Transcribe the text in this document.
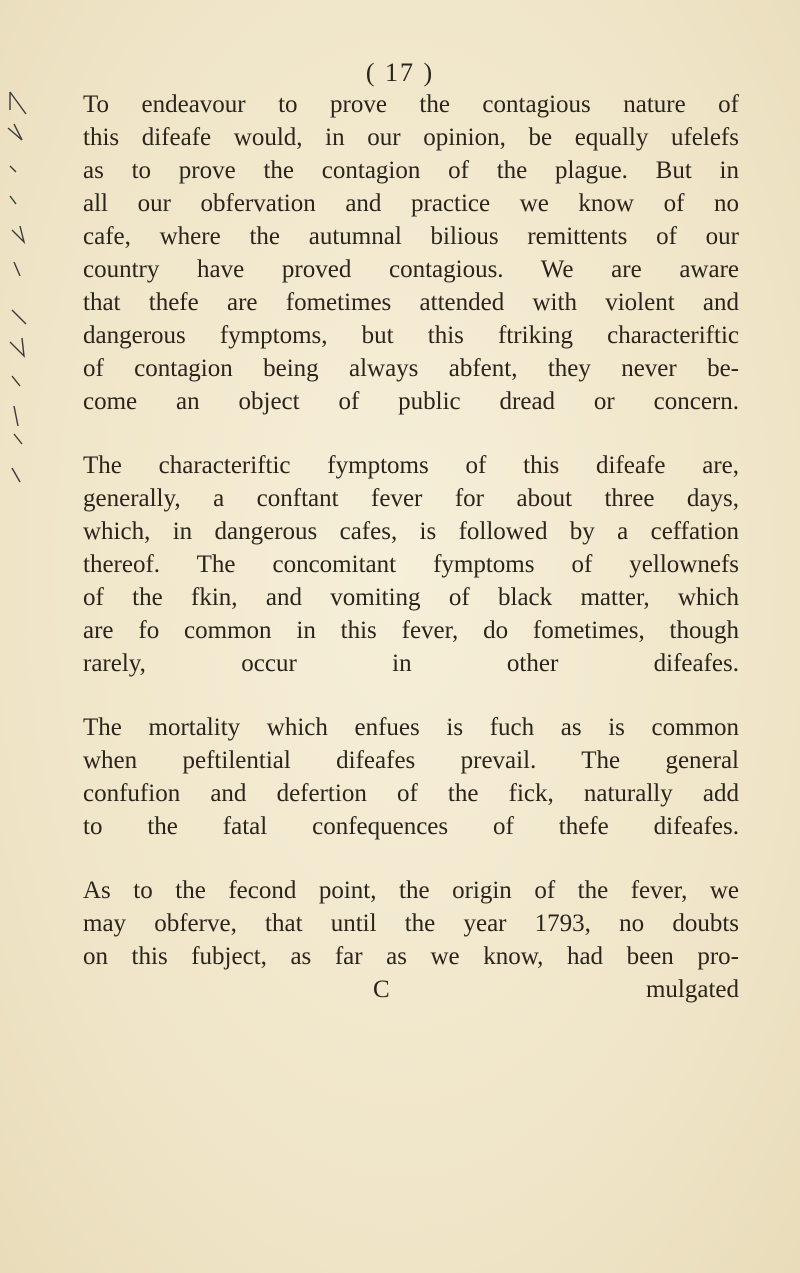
( 17 )

To endeavour to prove the contagious nature of
this difeafe would, in our opinion, be equally ufelefs
as to prove the contagion of the plague. But in
all our obfervation and practice we know of no
cafe, where the autumnal bilious remittents of our
country have proved contagious. We are aware
that thefe are fometimes attended with violent and
dangerous fymptoms, but this ftriking characteriftic
of contagion being always abfent, they never be-
come an object of public dread or concern.

The characteriftic fymptoms of this difeafe are,
generally, a conftant fever for about three days,
which, in dangerous cafes, is followed by a ceffation
thereof. The concomitant fymptoms of yellownefs
of the fkin, and vomiting of black matter, which
are fo common in this fever, do fometimes, though
rarely, occur in other difeafes.

The mortality which enfues is fuch as is common
when peftilential difeafes prevail. The general
confufion and defertion of the fick, naturally add
to the fatal confequences of thefe difeafes.

As to the fecond point, the origin of the fever, we
may obferve, that until the year 1793, no doubts
on this fubject, as far as we know, had been pro-

C	mulgated
